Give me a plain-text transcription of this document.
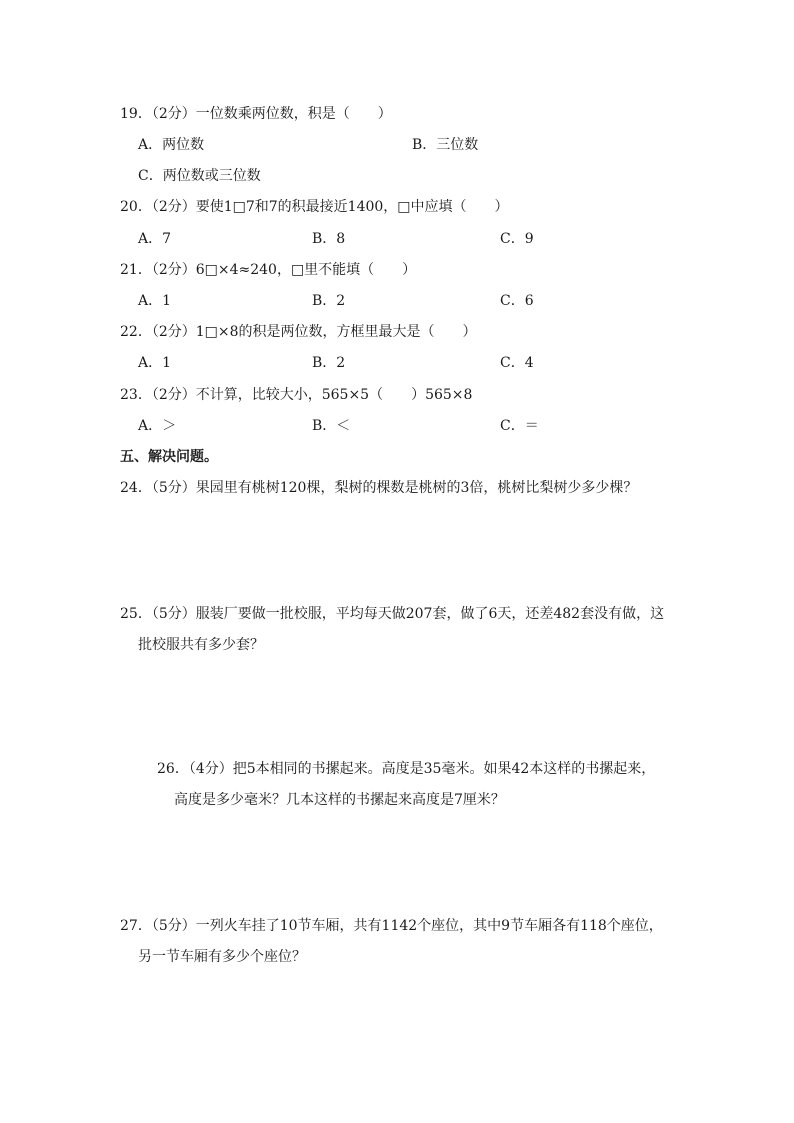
19．（2分）一位数乘两位数，积是（　　）
A．两位数	B．三位数
C．两位数或三位数
20．（2分）要使1□7和7的积最接近1400，□中应填（　　）
A．7	B．8	C．9
21．（2分）6□×4≈240，□里不能填（　　）
A．1	B．2	C．6
22．（2分）1□×8的积是两位数，方框里最大是（　　）
A．1	B．2	C．4
23．（2分）不计算，比较大小，565×5（　　）565×8
A．＞	B．＜	C．＝
五、解决问题。
24．（5分）果园里有桃树120棵，梨树的棵数是桃树的3倍，桃树比梨树少多少棵？
25．（5分）服装厂要做一批校服，平均每天做207套，做了6天，还差482套没有做，这
批校服共有多少套？
26．（4分）把5本相同的书摞起来。高度是35毫米。如果42本这样的书摞起来，
高度是多少毫米？几本这样的书摞起来高度是7厘米？
27．（5分）一列火车挂了10节车厢，共有1142个座位，其中9节车厢各有118个座位，
另一节车厢有多少个座位？
